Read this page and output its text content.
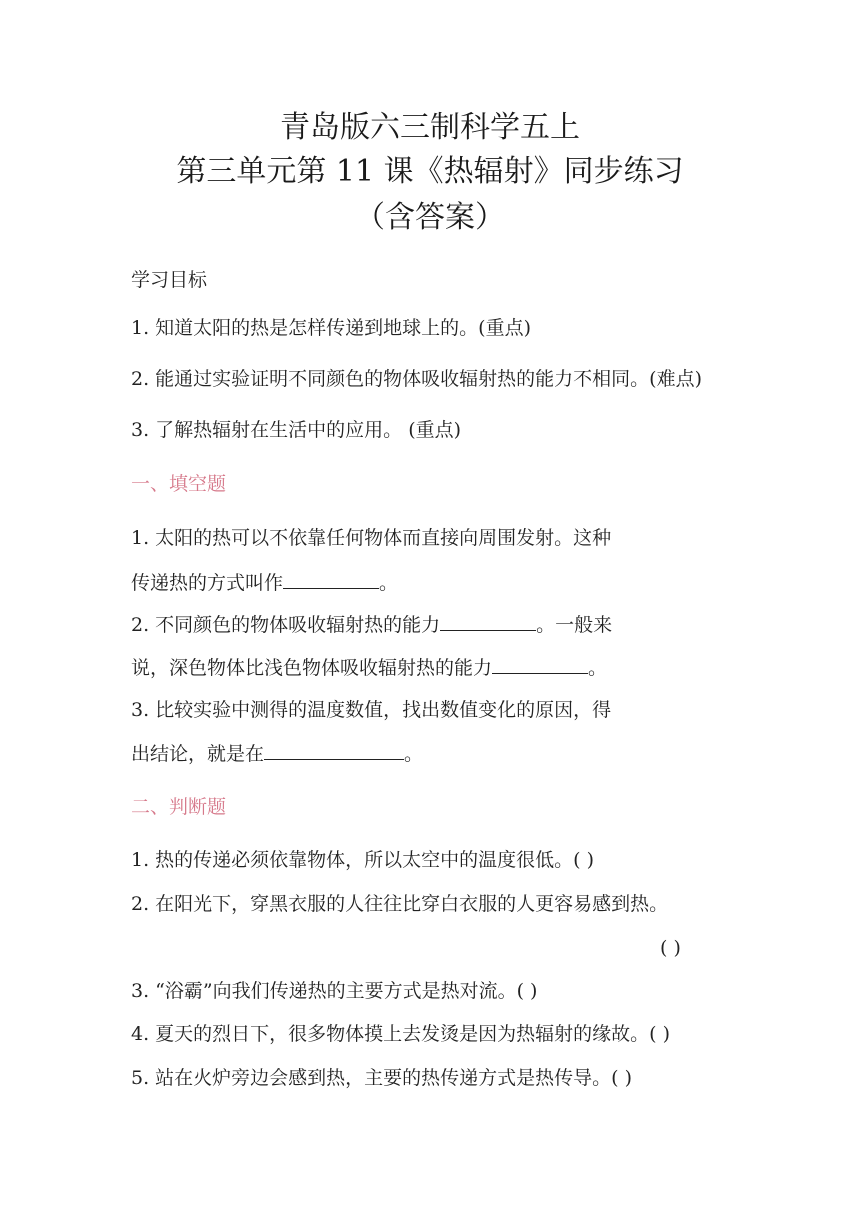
青岛版六三制科学五上
第三单元第 11 课《热辐射》同步练习
（含答案）
学习目标
1. 知道太阳的热是怎样传递到地球上的。(重点)
2. 能通过实验证明不同颜色的物体吸收辐射热的能力不相同。(难点)
3. 了解热辐射在生活中的应用。 (重点)
一、填空题
1. 太阳的热可以不依靠任何物体而直接向周围发射。这种
传递热的方式叫作	。
2. 不同颜色的物体吸收辐射热的能力	。一般来
说，深色物体比浅色物体吸收辐射热的能力	。
3. 比较实验中测得的温度数值，找出数值变化的原因，得
出结论，就是在	。
二、判断题
1. 热的传递必须依靠物体，所以太空中的温度很低。( )
2. 在阳光下，穿黑衣服的人往往比穿白衣服的人更容易感到热。
( )
3. “浴霸”向我们传递热的主要方式是热对流。( )
4. 夏天的烈日下，很多物体摸上去发烫是因为热辐射的缘故。( )
5. 站在火炉旁边会感到热，主要的热传递方式是热传导。( )
